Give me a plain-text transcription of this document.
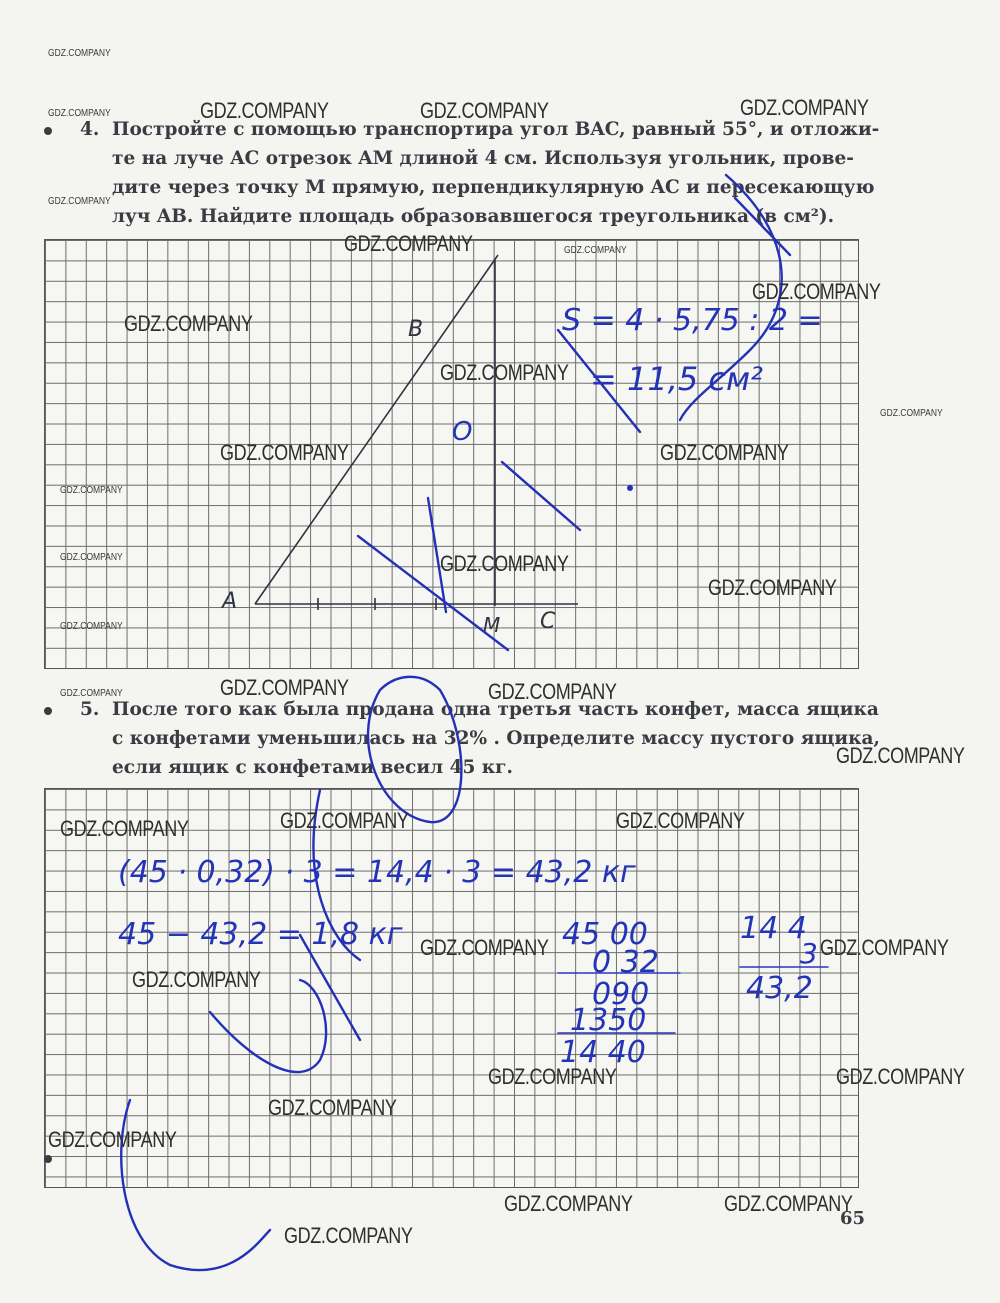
4. Постройте с помощью транспортира угол BAC, равный 55°, и отложи-
те на луче AC отрезок AM длиной 4 см. Используя угольник, прове-
дите через точку M прямую, перпендикулярную AC и пересекающую
луч AB. Найдите площадь образовавшегося треугольника (в см²).
5. После того как была продана одна третья часть конфет, масса ящика
с конфетами уменьшилась на 32% . Определите массу пустого ящика,
если ящик с конфетами весил 45 кг.
A
B
C
M
O
S = 4 · 5,75 : 2 =
= 11,5 см²
(45 · 0,32) · 3 = 14,4 · 3 = 43,2 кг
45 − 43,2 = 1,8 кг	45 00
0 32
090
1350
14 40
14 4
3
43,2
GDZ.COMPANY	GDZ.COMPANY	GDZ.COMPANY
GDZ.COMPANY
GDZ.COMPANY
GDZ.COMPANY
GDZ.COMPANY
GDZ.COMPANY	GDZ.COMPANY
GDZ.COMPANY
GDZ.COMPANY
GDZ.COMPANY	GDZ.COMPANY
GDZ.COMPANY
GDZ.COMPANY	GDZ.COMPANY	GDZ.COMPANY
GDZ.COMPANY	GDZ.COMPANY
GDZ.COMPANY
GDZ.COMPANY	GDZ.COMPANY
GDZ.COMPANY
GDZ.COMPANY
GDZ.COMPANY	GDZ.COMPANY
GDZ.COMPANY
GDZ.COMPANY
GDZ.COMPANY
GDZ.COMPANY
GDZ.COMPANY
GDZ.COMPANY
GDZ.COMPANY
GDZ.COMPANY
GDZ.COMPANY
GDZ.COMPANY
65
